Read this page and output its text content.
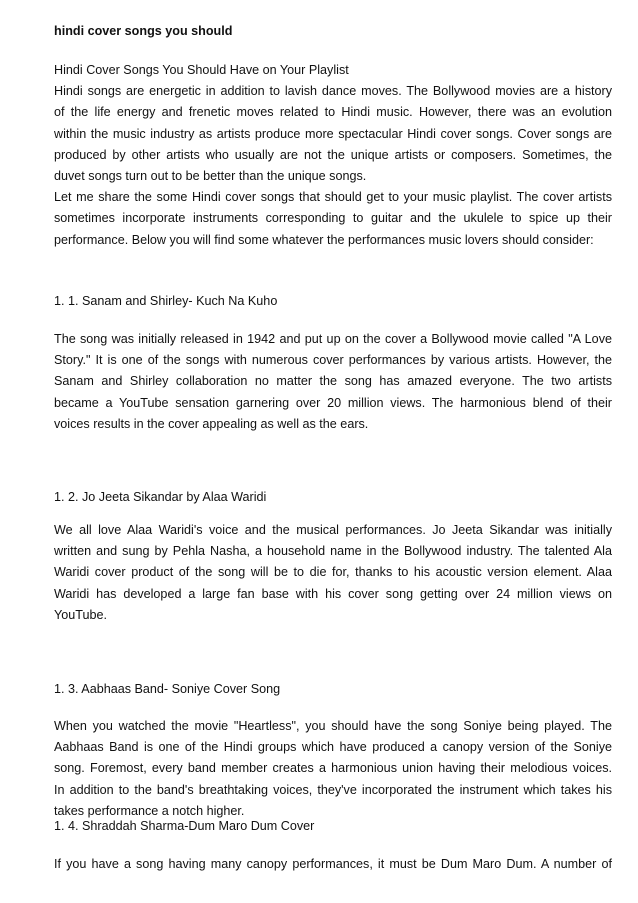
hindi cover songs you should
Hindi Cover Songs You Should Have on Your Playlist
Hindi songs are energetic in addition to lavish dance moves. The Bollywood movies are a history
of the life energy and frenetic moves related to Hindi music. However, there was an evolution
within the music industry as artists produce more spectacular Hindi cover songs. Cover songs are
produced by other artists who usually are not the unique artists or composers. Sometimes, the
duvet songs turn out to be better than the unique songs.
Let me share the some Hindi cover songs that should get to your music playlist. The cover artists
sometimes incorporate instruments corresponding to guitar and the ukulele to spice up their
performance. Below you will find some whatever the performances music lovers should consider:
1. 1. Sanam and Shirley- Kuch Na Kuho
The song was initially released in 1942 and put up on the cover a Bollywood movie called "A Love
Story." It is one of the songs with numerous cover performances by various artists. However, the
Sanam and Shirley collaboration no matter the song has amazed everyone. The two artists
became a YouTube sensation garnering over 20 million views. The harmonious blend of their
voices results in the cover appealing as well as the ears.
1. 2. Jo Jeeta Sikandar by Alaa Waridi
We all love Alaa Waridi's voice and the musical performances. Jo Jeeta Sikandar was initially
written and sung by Pehla Nasha, a household name in the Bollywood industry. The talented Ala
Waridi cover product of the song will be to die for, thanks to his acoustic version element. Alaa
Waridi has developed a large fan base with his cover song getting over 24 million views on
YouTube.
1. 3. Aabhaas Band- Soniye Cover Song
When you watched the movie "Heartless", you should have the song Soniye being played. The
Aabhaas Band is one of the Hindi groups which have produced a canopy version of the Soniye
song. Foremost, every band member creates a harmonious union having their melodious voices.
In addition to the band's breathtaking voices, they've incorporated the instrument which takes his
takes performance a notch higher.
1. 4. Shraddah Sharma-Dum Maro Dum Cover
If you have a song having many canopy performances, it must be Dum Maro Dum. A number of
